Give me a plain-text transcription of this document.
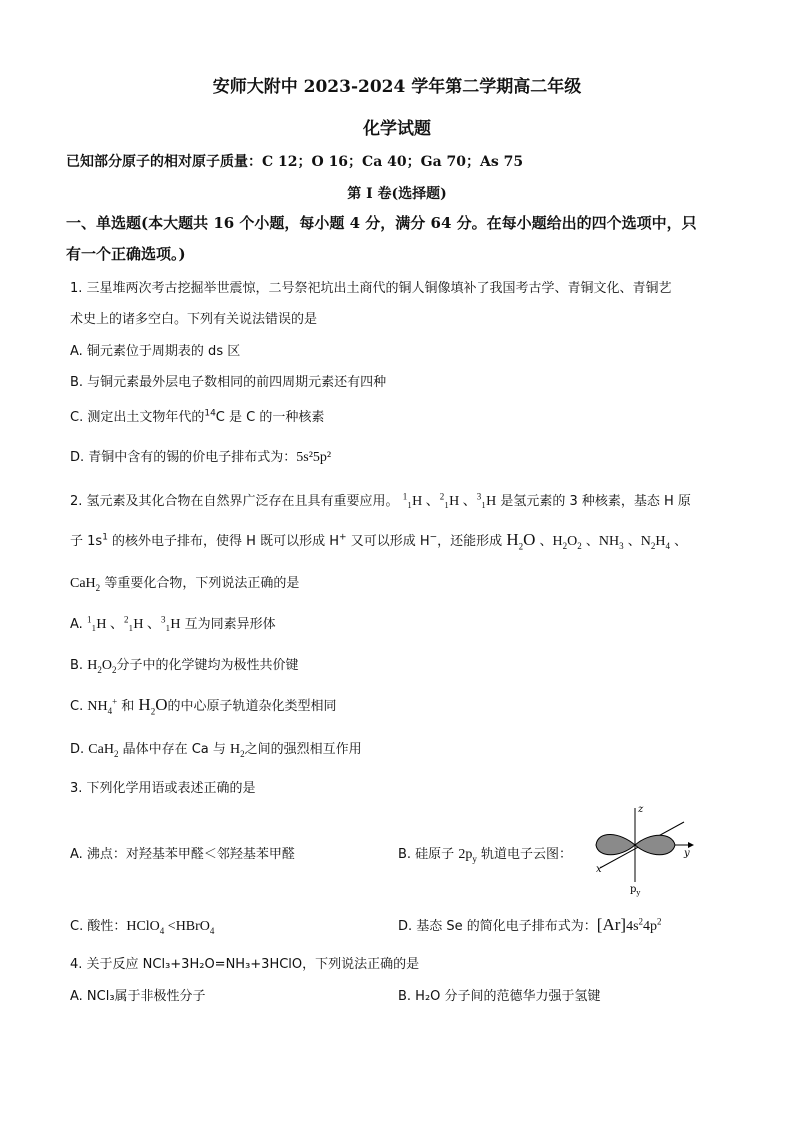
安师大附中 2023-2024 学年第二学期高二年级
化学试题
已知部分原子的相对原子质量：C 12；O 16；Ca 40；Ga 70；As 75
第 I 卷(选择题)
一、单选题(本大题共 16 个小题，每小题 4 分，满分 64 分。在每小题给出的四个选项中，只
有一个正确选项。)
1. 三星堆两次考古挖掘举世震惊，二号祭祀坑出土商代的铜人铜像填补了我国考古学、青铜文化、青铜艺
术史上的诸多空白。下列有关说法错误的是
A. 铜元素位于周期表的 ds 区
B. 与铜元素最外层电子数相同的前四周期元素还有四种
C. 测定出土文物年代的$^{14}$C 是 C 的一种核素
D. 青铜中含有的锡的价电子排布式为：5s²5p²
2. 氢元素及其化合物在自然界广泛存在且具有重要应用。 $^1$₁H 、$^2$₁H 、$^3$₁H 是氢元素的 3 种核素，基态 H 原
子 $1s^1$ 的核外电子排布，使得 H 既可以形成 H+ 又可以形成 H−，还能形成 $H_2O$ 、$H_2O_2$ 、$NH_3$ 、$N_2H_4$ 、
CaH$_2$ 等重要化合物，下列说法正确的是
A. $^1$₁H 、$^2$₁H 、$^3$₁H 互为同素异形体
B. $H_2O_2$分子中的化学键均为极性共价键
C. $NH_4^+$ 和 $H_2O$的中心原子轨道杂化类型相同
D. CaH$_2$ 晶体中存在 Ca 与 $H_2$之间的强烈相互作用
3. 下列化学用语或表述正确的是
A. 沸点：对羟基苯甲醛＜邻羟基苯甲醛	B. 硅原子 $2p_y$ 轨道电子云图：
z
y
x
$p_y$
C. 酸性：HClO$_4$ <HBrO$_4$	D. 基态 Se 的简化电子排布式为：$[Ar]4s^24p^2$
4. 关于反应 NCl₃+3H₂O=NH₃+3HClO，下列说法正确的是
A. NCl₃属于非极性分子	B. H₂O 分子间的范德华力强于氢键
